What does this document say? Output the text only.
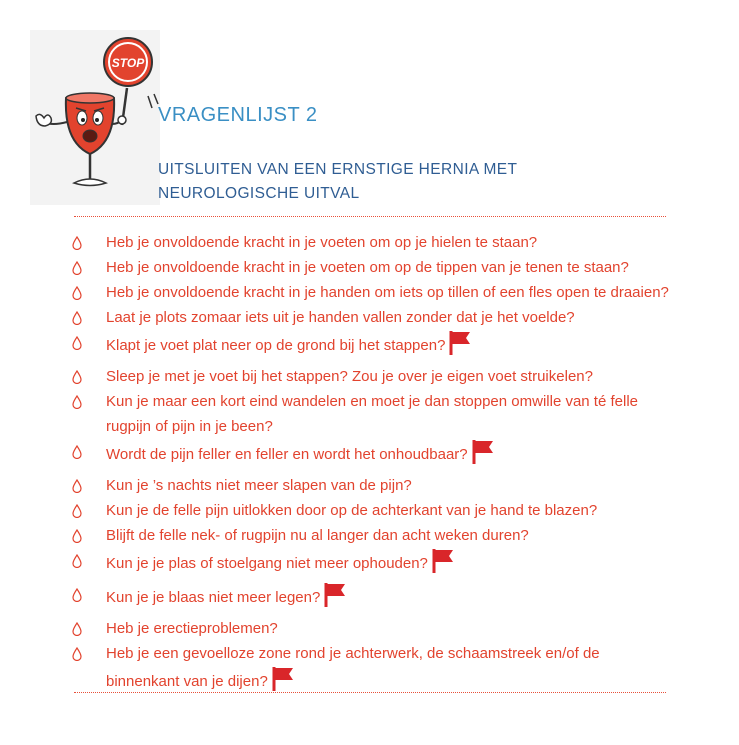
STOP
VRAGENLIJST 2
UITSLUITEN VAN EEN ERNSTIGE HERNIA MET
NEUROLOGISCHE UITVAL
Heb je onvoldoende kracht in je voeten om op je hielen te staan?
Heb je onvoldoende kracht in je voeten om op de tippen van je tenen te staan?
Heb je onvoldoende kracht in je handen om iets op tillen of een fles open te draaien?
Laat je plots zomaar iets uit je handen vallen zonder dat je het voelde?
Klapt je voet plat neer op de grond bij het stappen?
Sleep je met je voet bij het stappen? Zou je over je eigen voet struikelen?
Kun je maar een kort eind wandelen en moet je dan stoppen omwille van té felle rugpijn of pijn in je been?
Wordt de pijn feller en feller en wordt het onhoudbaar?
Kun je ’s nachts niet meer slapen van de pijn?
Kun je de felle pijn uitlokken door op de achterkant van je hand te blazen?
Blijft de felle nek- of rugpijn nu al langer dan acht weken duren?
Kun je je plas of stoelgang niet meer ophouden?
Kun je je blaas niet meer legen?
Heb je erectieproblemen?
Heb je een gevoelloze zone rond je achterwerk, de schaamstreek en/of de binnenkant van je dijen?
